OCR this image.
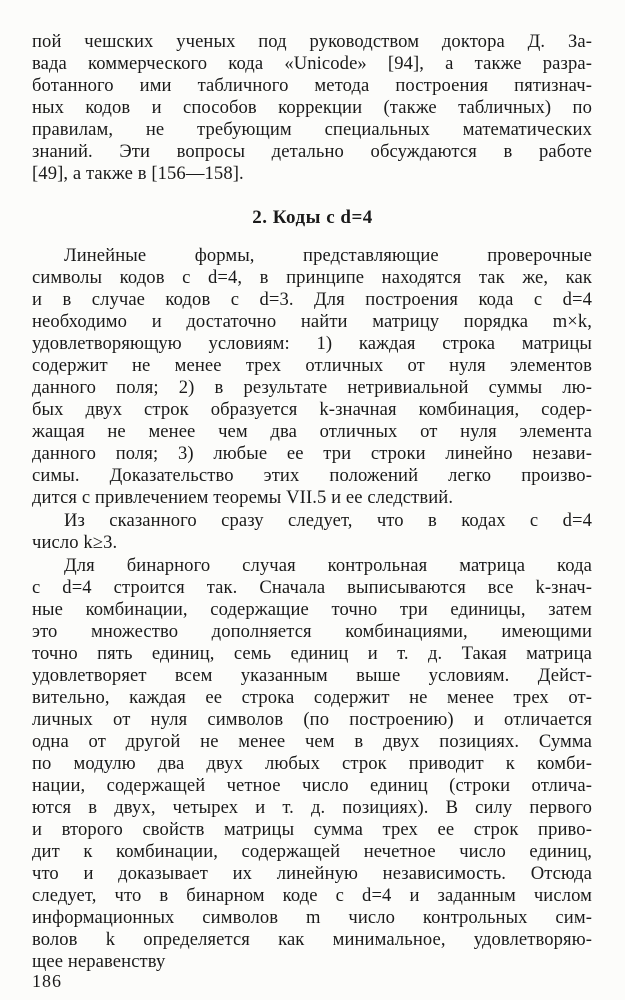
пой чешских ученых под руководством доктора Д. За-
вада коммерческого кода «Unicode» [94], а также разра-
ботанного ими табличного метода построения пятизнач-
ных кодов и способов коррекции (также табличных) по
правилам, не требующим специальных математических
знаний. Эти вопросы детально обсуждаются в работе
[49], а также в [156—158].
2. Коды с d=4
Линейные формы, представляющие проверочные
символы кодов с d=4, в принципе находятся так же, как
и в случае кодов с d=3. Для построения кода с d=4
необходимо и достаточно найти матрицу порядка m×k,
удовлетворяющую условиям: 1) каждая строка матрицы
содержит не менее трех отличных от нуля элементов
данного поля; 2) в результате нетривиальной суммы лю-
бых двух строк образуется k-значная комбинация, содер-
жащая не менее чем два отличных от нуля элемента
данного поля; 3) любые ее три строки линейно незави-
симы. Доказательство этих положений легко произво-
дится с привлечением теоремы VII.5 и ее следствий.
Из сказанного сразу следует, что в кодах с d=4
число k≥3.
Для бинарного случая контрольная матрица кода
с d=4 строится так. Сначала выписываются все k-знач-
ные комбинации, содержащие точно три единицы, затем
это множество дополняется комбинациями, имеющими
точно пять единиц, семь единиц и т. д. Такая матрица
удовлетворяет всем указанным выше условиям. Дейст-
вительно, каждая ее строка содержит не менее трех от-
личных от нуля символов (по построению) и отличается
одна от другой не менее чем в двух позициях. Сумма
по модулю два двух любых строк приводит к комби-
нации, содержащей четное число единиц (строки отлича-
ются в двух, четырех и т. д. позициях). В силу первого
и второго свойств матрицы сумма трех ее строк приво-
дит к комбинации, содержащей нечетное число единиц,
что и доказывает их линейную независимость. Отсюда
следует, что в бинарном коде с d=4 и заданным числом
информационных символов m число контрольных сим-
волов k определяется как минимальное, удовлетворяю-
щее неравенству
186
